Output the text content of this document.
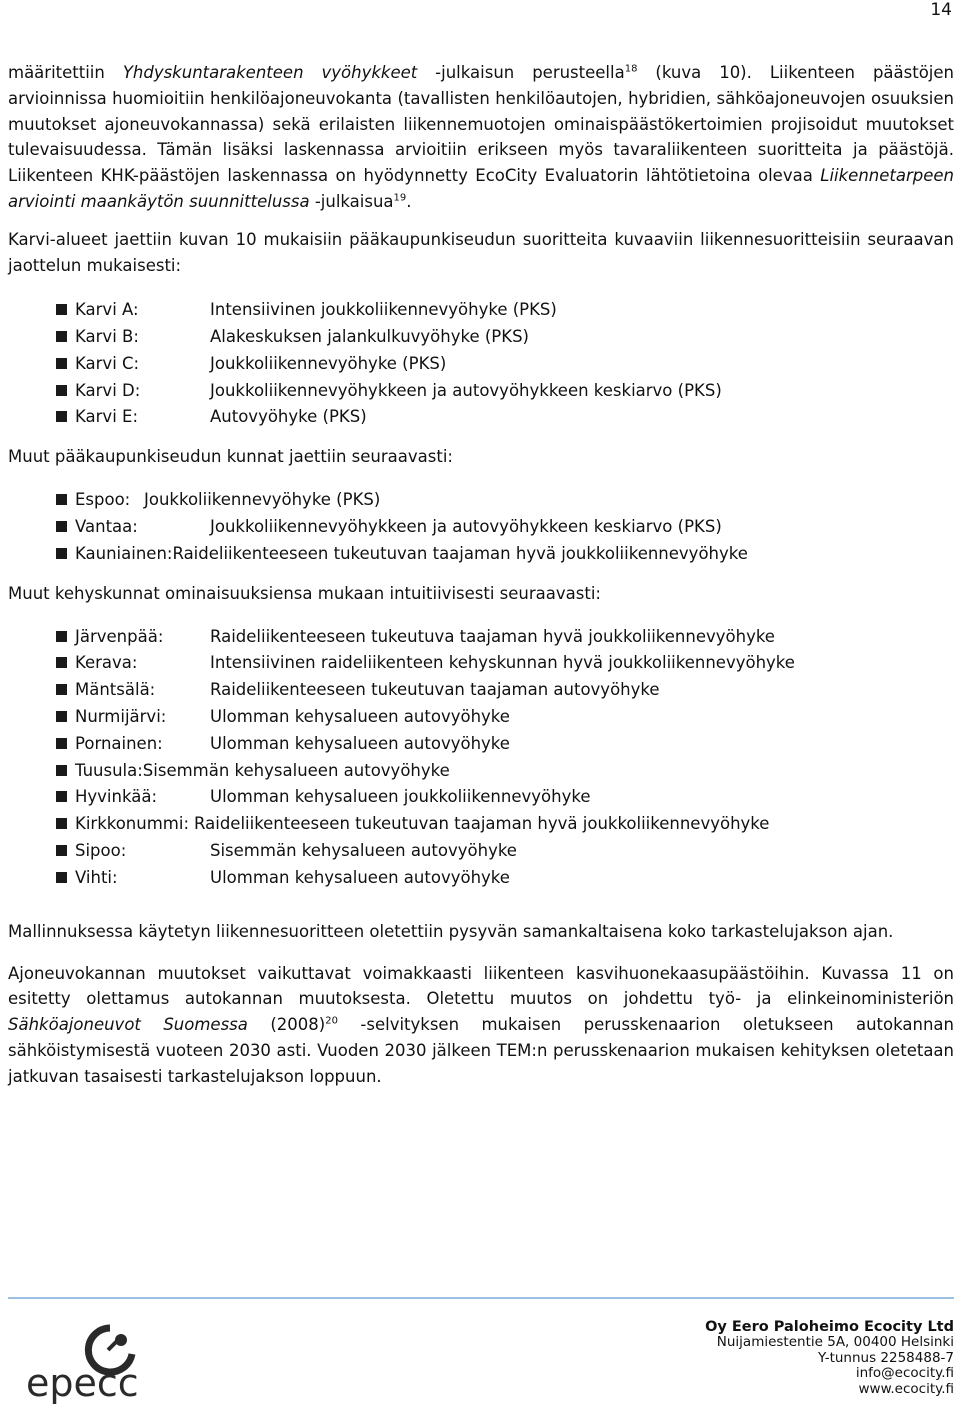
14

määritettiin Yhdyskuntarakenteen vyöhykkeet -julkaisun perusteella$^{18}$ (kuva 10). Liikenteen päästöjen arvioinnissa huomioitiin henkilöajoneuvokanta (tavallisten henkilöautojen, hybridien, sähköajoneuvojen osuuksien muutokset ajoneuvokannassa) sekä erilaisten liikennemuotojen ominaispäästökertoimien projisoidut muutokset tulevaisuudessa. Tämän lisäksi laskennassa arvioitiin erikseen myös tavaraliikenteen suoritteita ja päästöjä. Liikenteen KHK-päästöjen laskennassa on hyödynnetty EcoCity Evaluatorin lähtötietoina olevaa Liikennetarpeen arviointi maankäytön suunnittelussa -julkaisua$^{19}$.

Karvi-alueet jaettiin kuvan 10 mukaisiin pääkaupunkiseudun suoritteita kuvaaviin liikennesuoritteisiin seuraavan jaottelun mukaisesti:

Karvi A:	Intensiivinen joukkoliikennevyöhyke (PKS)
Karvi B:	Alakeskuksen jalankulkuvyöhyke (PKS)
Karvi C:	Joukkoliikennevyöhyke (PKS)
Karvi D:	Joukkoliikennevyöhykkeen ja autovyöhykkeen keskiarvo (PKS)
Karvi E:	Autovyöhyke (PKS)

Muut pääkaupunkiseudun kunnat jaettiin seuraavasti:

Espoo: Joukkoliikennevyöhyke (PKS)
Vantaa:	Joukkoliikennevyöhykkeen ja autovyöhykkeen keskiarvo (PKS)
Kauniainen: Raideliikenteeseen tukeutuvan taajaman hyvä joukkoliikennevyöhyke

Muut kehyskunnat ominaisuuksiensa mukaan intuitiivisesti seuraavasti:

Järvenpää:	Raideliikenteeseen tukeutuva taajaman hyvä joukkoliikennevyöhyke
Kerava:	Intensiivinen raideliikenteen kehyskunnan hyvä joukkoliikennevyöhyke
Mäntsälä:	Raideliikenteeseen tukeutuvan taajaman autovyöhyke
Nurmijärvi:	Ulomman kehysalueen autovyöhyke
Pornainen:	Ulomman kehysalueen autovyöhyke
Tuusula: Sisemmän kehysalueen autovyöhyke
Hyvinkää:	Ulomman kehysalueen joukkoliikennevyöhyke
Kirkkonummi: Raideliikenteeseen tukeutuvan taajaman hyvä joukkoliikennevyöhyke
Sipoo:	Sisemmän kehysalueen autovyöhyke
Vihti:	Ulomman kehysalueen autovyöhyke

Mallinnuksessa käytetyn liikennesuoritteen oletettiin pysyvän samankaltaisena koko tarkastelujakson ajan.

Ajoneuvokannan muutokset vaikuttavat voimakkaasti liikenteen kasvihuonekaasupäästöihin. Kuvassa 11 on esitetty olettamus autokannan muutoksesta. Oletettu muutos on johdettu työ- ja elinkeinoministeriön Sähköajoneuvot Suomessa $(2008)^{20}$ -selvityksen mukaisen perusskenaarion oletukseen autokannan sähköistymisestä vuoteen 2030 asti. Vuoden 2030 jälkeen TEM:n perusskenaarion mukaisen kehityksen oletetaan jatkuvan tasaisesti tarkastelujakson loppuun.

epecc
Oy Eero Paloheimo Ecocity Ltd
Nuijamiestentie 5A, 00400 Helsinki
Y-tunnus 2258488-7
info@ecocity.fi
www.ecocity.fi
